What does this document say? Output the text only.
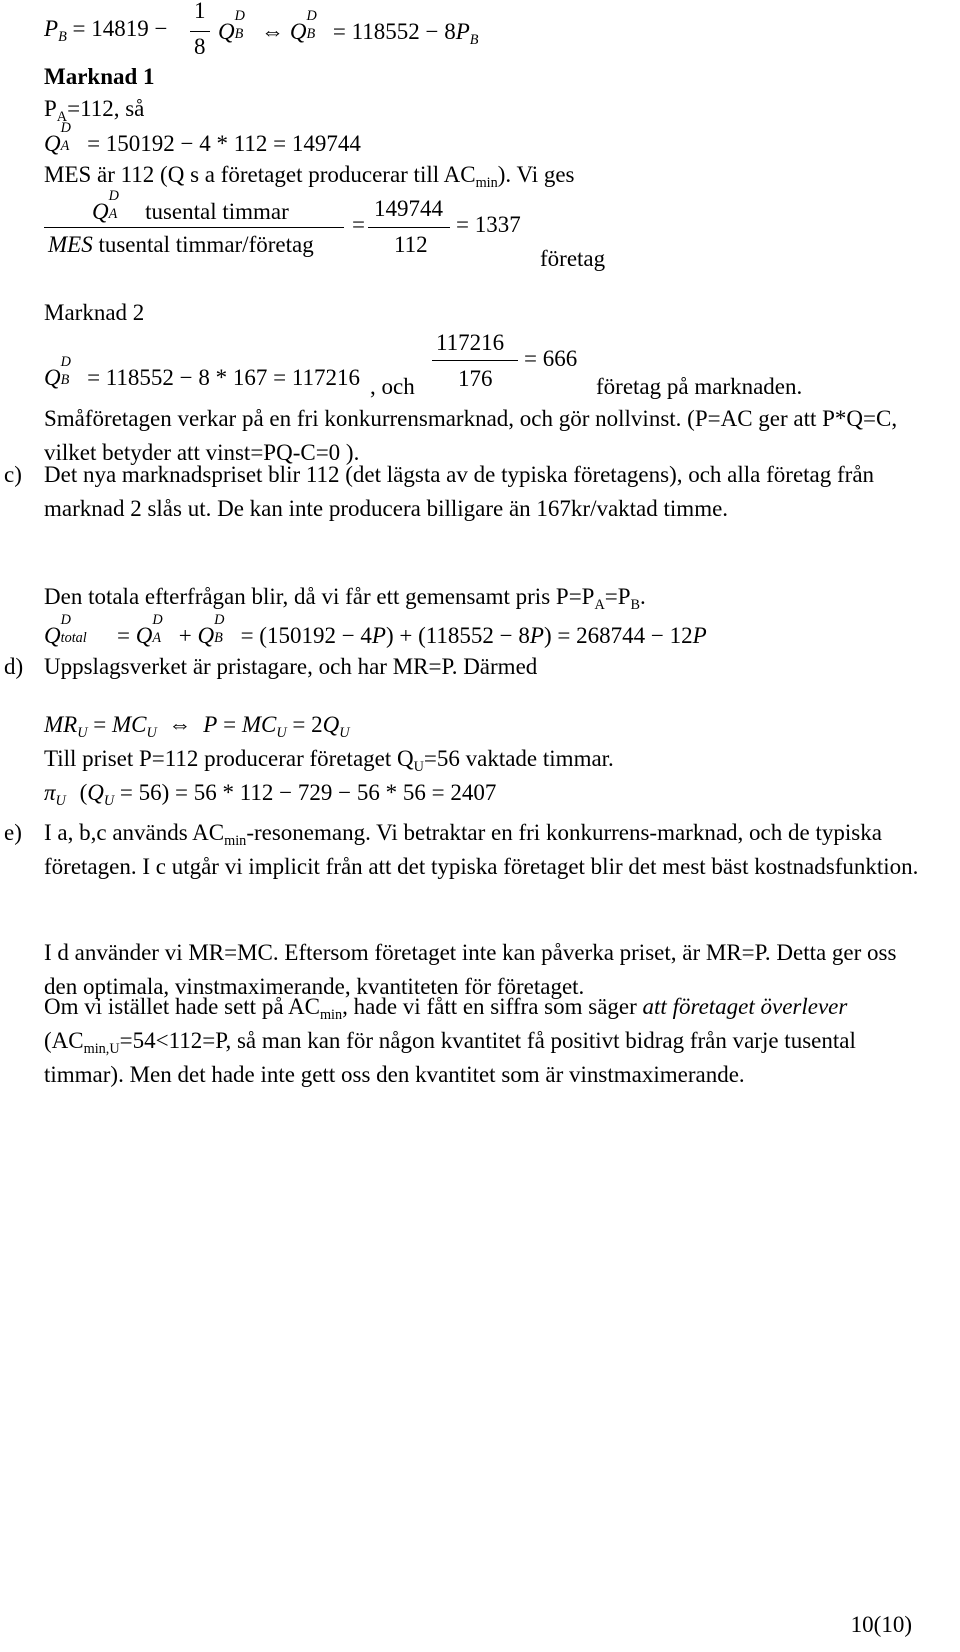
$P_B = 14819$ −
1
8
Q
D
B ⇔ Q
D
$B = 118552 - 8P_B$
Marknad 1
$P_A=112$, så
Q
D
A = 150192 − 4 * 112 = 149744
MES är 112 (Q s a företaget producerar till $AC_{min}$). Vi ges
Q
D
A tusental timmar
MES tusental timmar/företag
=
149744
112
= 1337
företag
Marknad 2
117216
176
= 666
Q
D
B = 118552 − 8 * 167 = 117216 , och	företag på marknaden.
Småföretagen verkar på en fri konkurrensmarknad, och gör nollvinst. (P=AC ger att P*Q=C, vilket betyder att vinst=PQ-C=0 ).
c) Det nya marknadspriset blir 112 (det lägsta av de typiska företagens), och alla företag från marknad 2 slås ut. De kan inte producera billigare än 167kr/vaktad timme.
Den totala efterfrågan blir, då vi får ett gemensamt pris $P=P_A=P_B$.
Q
D
total = Q
D
A + Q
D
B = (150192 − 4P) + (118552 − 8P) = 268744 − 12P
d) Uppslagsverket är pristagare, och har MR=P. Därmed
$MR_U = MC_U$ ⇔ $P = MC_U = 2Q_U$
Till priset P=112 producerar företaget $Q_U=56$ vaktade timmar.
$\pi_U$ $(Q_U = 56) = 56 * 112 - 729 - 56 * 56 = 2407$
e) I a, b,c används $AC_{min}$-resonemang. Vi betraktar en fri konkurrens-marknad, och de typiska företagen. I c utgår vi implicit från att det typiska företaget blir det mest bäst kostnadsfunktion.
I d använder vi MR=MC. Eftersom företaget inte kan påverka priset, är MR=P. Detta ger oss den optimala, vinstmaximerande, kvantiteten för företaget.
Om vi istället hade sett på $AC_{min}$, hade vi fått en siffra som säger att företaget överlever ($AC_{min,U}=54<112=P$, så man kan för någon kvantitet få positivt bidrag från varje tusental timmar). Men det hade inte gett oss den kvantitet som är vinstmaximerande.
10(10)
